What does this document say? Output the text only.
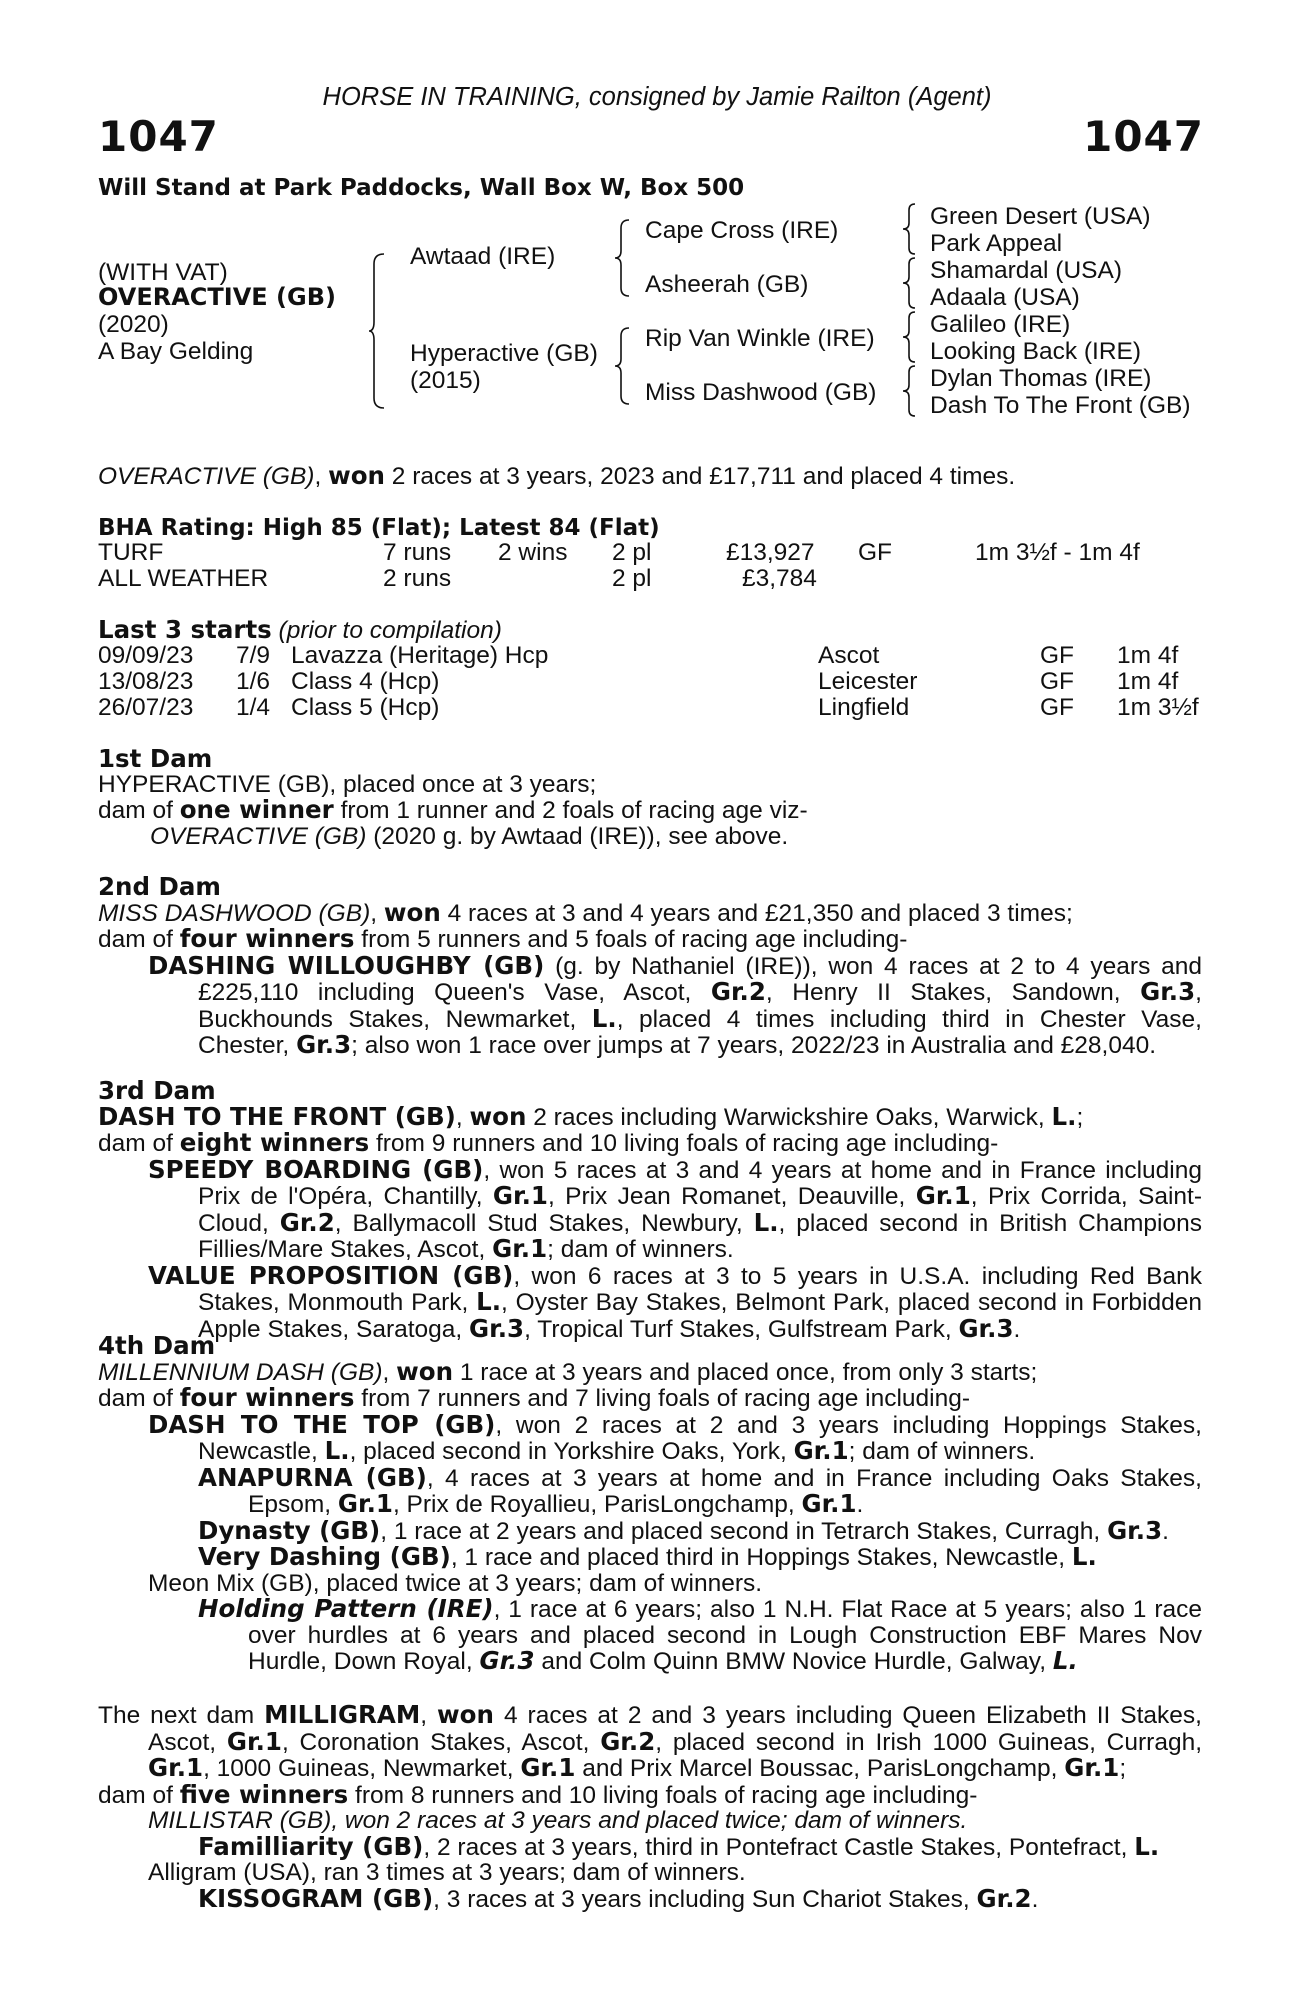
HORSE IN TRAINING, consigned by Jamie Railton (Agent)
1047	1047
Will Stand at Park Paddocks, Wall Box W, Box 500
(WITH VAT)
OVERACTIVE (GB)
(2020)
A Bay Gelding
Awtaad (IRE)
Hyperactive (GB)
(2015)
Cape Cross (IRE)
Asheerah (GB)
Rip Van Winkle (IRE)
Miss Dashwood (GB)
Green Desert (USA)
Park Appeal
Shamardal (USA)
Adaala (USA)
Galileo (IRE)
Looking Back (IRE)
Dylan Thomas (IRE)
Dash To The Front (GB)
OVERACTIVE (GB), won 2 races at 3 years, 2023 and £17,711 and placed 4 times.
BHA Rating: High 85 (Flat); Latest 84 (Flat)
TURF	7 runs 2 wins 2 pl	£13,927 GF	1m 3½f - 1m 4f
ALL WEATHER	2 runs	2 pl	£3,784
Last 3 starts (prior to compilation)
09/09/23 7/9 Lavazza (Heritage) Hcp	Ascot	GF 1m 4f
13/08/23 1/6 Class 4 (Hcp)	Leicester	GF 1m 4f
26/07/23 1/4 Class 5 (Hcp)	Lingfield	GF 1m 3½f
1st Dam
HYPERACTIVE (GB), placed once at 3 years;
dam of one winner from 1 runner and 2 foals of racing age viz-
OVERACTIVE (GB) (2020 g. by Awtaad (IRE)), see above.
2nd Dam
MISS DASHWOOD (GB), won 4 races at 3 and 4 years and £21,350 and placed 3 times;
dam of four winners from 5 runners and 5 foals of racing age including-
DASHING WILLOUGHBY (GB) (g. by Nathaniel (IRE)), won 4 races at 2 to 4 years and £225,110 including Queen's Vase, Ascot, Gr.2, Henry II Stakes, Sandown, Gr.3, Buckhounds Stakes, Newmarket, L., placed 4 times including third in Chester Vase, Chester, Gr.3; also won 1 race over jumps at 7 years, 2022/23 in Australia and £28,040.
3rd Dam
DASH TO THE FRONT (GB), won 2 races including Warwickshire Oaks, Warwick, L.;
dam of eight winners from 9 runners and 10 living foals of racing age including-
SPEEDY BOARDING (GB), won 5 races at 3 and 4 years at home and in France including Prix de l'Opéra, Chantilly, Gr.1, Prix Jean Romanet, Deauville, Gr.1, Prix Corrida, Saint-Cloud, Gr.2, Ballymacoll Stud Stakes, Newbury, L., placed second in British Champions Fillies/Mare Stakes, Ascot, Gr.1; dam of winners.
VALUE PROPOSITION (GB), won 6 races at 3 to 5 years in U.S.A. including Red Bank Stakes, Monmouth Park, L., Oyster Bay Stakes, Belmont Park, placed second in Forbidden Apple Stakes, Saratoga, Gr.3, Tropical Turf Stakes, Gulfstream Park, Gr.3.
4th Dam
MILLENNIUM DASH (GB), won 1 race at 3 years and placed once, from only 3 starts;
dam of four winners from 7 runners and 7 living foals of racing age including-
DASH TO THE TOP (GB), won 2 races at 2 and 3 years including Hoppings Stakes, Newcastle, L., placed second in Yorkshire Oaks, York, Gr.1; dam of winners.
ANAPURNA (GB), 4 races at 3 years at home and in France including Oaks Stakes, Epsom, Gr.1, Prix de Royallieu, ParisLongchamp, Gr.1.
Dynasty (GB), 1 race at 2 years and placed second in Tetrarch Stakes, Curragh, Gr.3.
Very Dashing (GB), 1 race and placed third in Hoppings Stakes, Newcastle, L.
Meon Mix (GB), placed twice at 3 years; dam of winners.
Holding Pattern (IRE), 1 race at 6 years; also 1 N.H. Flat Race at 5 years; also 1 race over hurdles at 6 years and placed second in Lough Construction EBF Mares Nov Hurdle, Down Royal, Gr.3 and Colm Quinn BMW Novice Hurdle, Galway, L.
The next dam MILLIGRAM, won 4 races at 2 and 3 years including Queen Elizabeth II Stakes, Ascot, Gr.1, Coronation Stakes, Ascot, Gr.2, placed second in Irish 1000 Guineas, Curragh, Gr.1, 1000 Guineas, Newmarket, Gr.1 and Prix Marcel Boussac, ParisLongchamp, Gr.1;
dam of five winners from 8 runners and 10 living foals of racing age including-
MILLISTAR (GB), won 2 races at 3 years and placed twice; dam of winners.
Familliarity (GB), 2 races at 3 years, third in Pontefract Castle Stakes, Pontefract, L.
Alligram (USA), ran 3 times at 3 years; dam of winners.
KISSOGRAM (GB), 3 races at 3 years including Sun Chariot Stakes, Gr.2.
